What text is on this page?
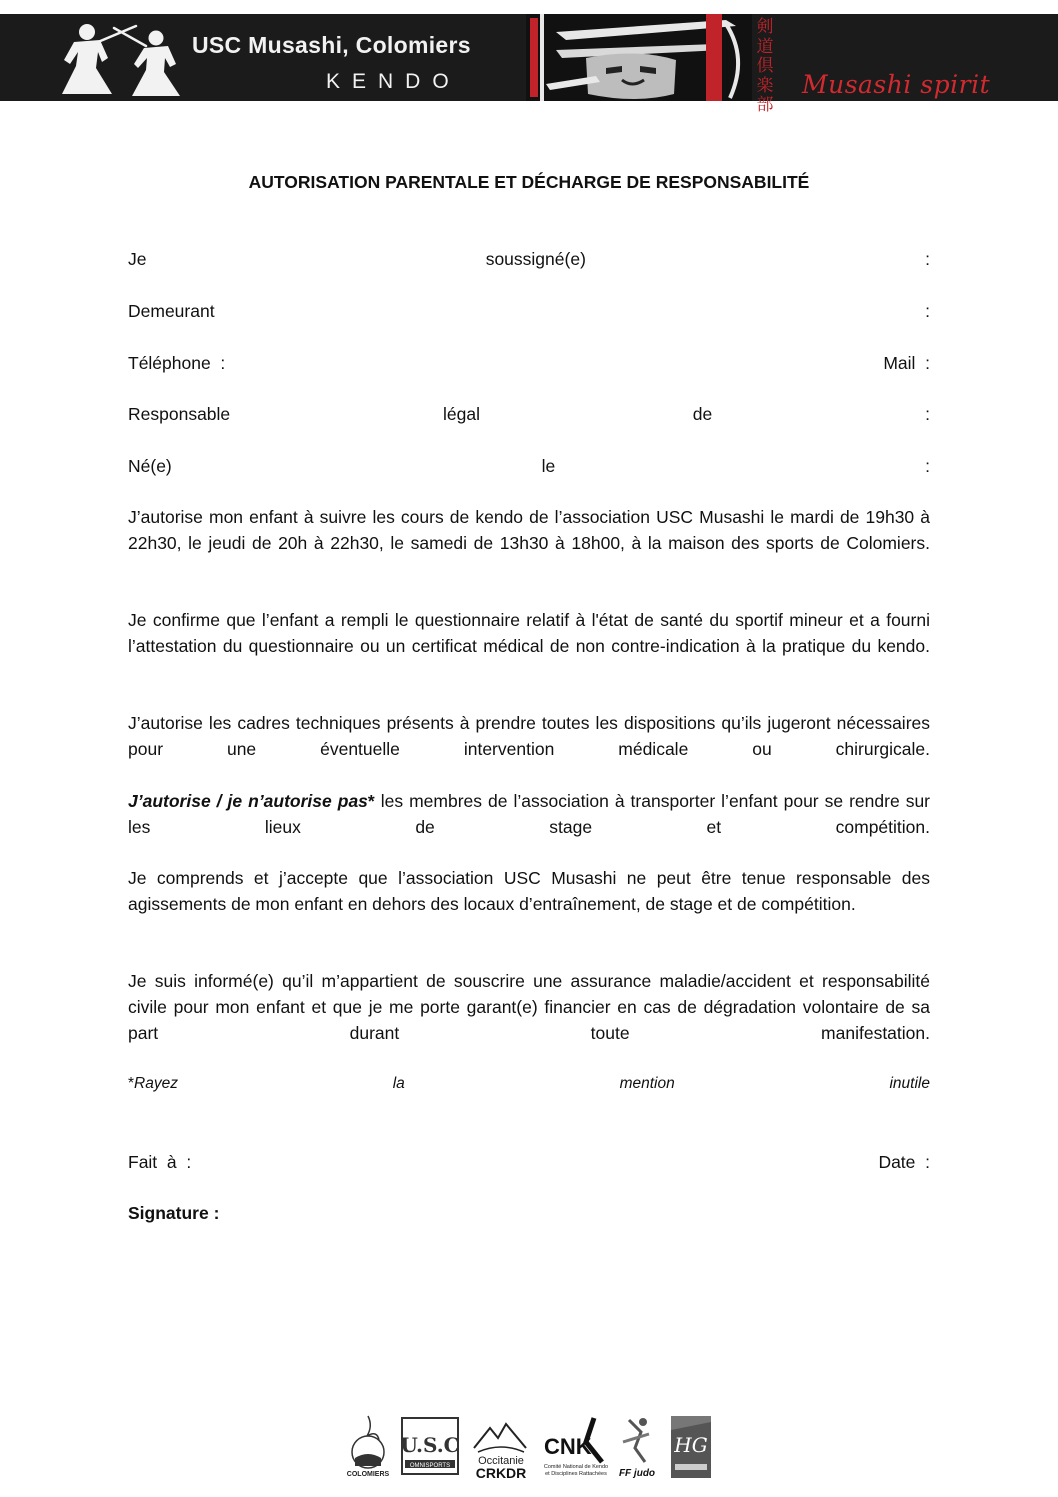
USC Musashi, Colomiers
KENDO
剣
道
倶
楽
部
Musashi spirit
AUTORISATION PARENTALE ET DÉCHARGE DE RESPONSABILITÉ
Je	soussigné(e)	:
Demeurant	:
Téléphone  :	Mail  :
Responsable	légal	de	:
Né(e)	le	:
J’autorise mon enfant à suivre les cours de kendo de l’association USC Musashi le mardi de 19h30 à 22h30, le jeudi de 20h à 22h30, le samedi de 13h30 à 18h00, à la maison des sports de Colomiers.
Je confirme que l’enfant a rempli le questionnaire relatif à l'état de santé du sportif mineur et a fourni l’attestation du questionnaire ou un certificat médical de non contre-indication à la pratique du kendo.
J’autorise les cadres techniques présents à prendre toutes les dispositions qu’ils jugeront nécessaires pour une éventuelle intervention médicale ou chirurgicale.
J’autorise / je n’autorise pas* les membres de l’association à transporter l’enfant pour se rendre sur les lieux de stage et compétition.
Je comprends et j’accepte que l’association USC Musashi ne peut être tenue responsable des agissements de mon enfant en dehors des locaux d’entraînement, de stage et de compétition.
Je suis informé(e) qu’il m’appartient de souscrire une assurance maladie/accident et responsabilité civile pour mon enfant et que je me porte garant(e) financier en cas de dégradation volontaire de sa part durant toute manifestation.
*Rayez	la	mention	inutile
Fait  à  :	Date  :
Signature :
COLOMIERS
U.S.C
OMNISPORTS	Occitanie
CRKDR
CNK
Comité National de Kendo
et Disciplines Rattachées FF judo
HG
